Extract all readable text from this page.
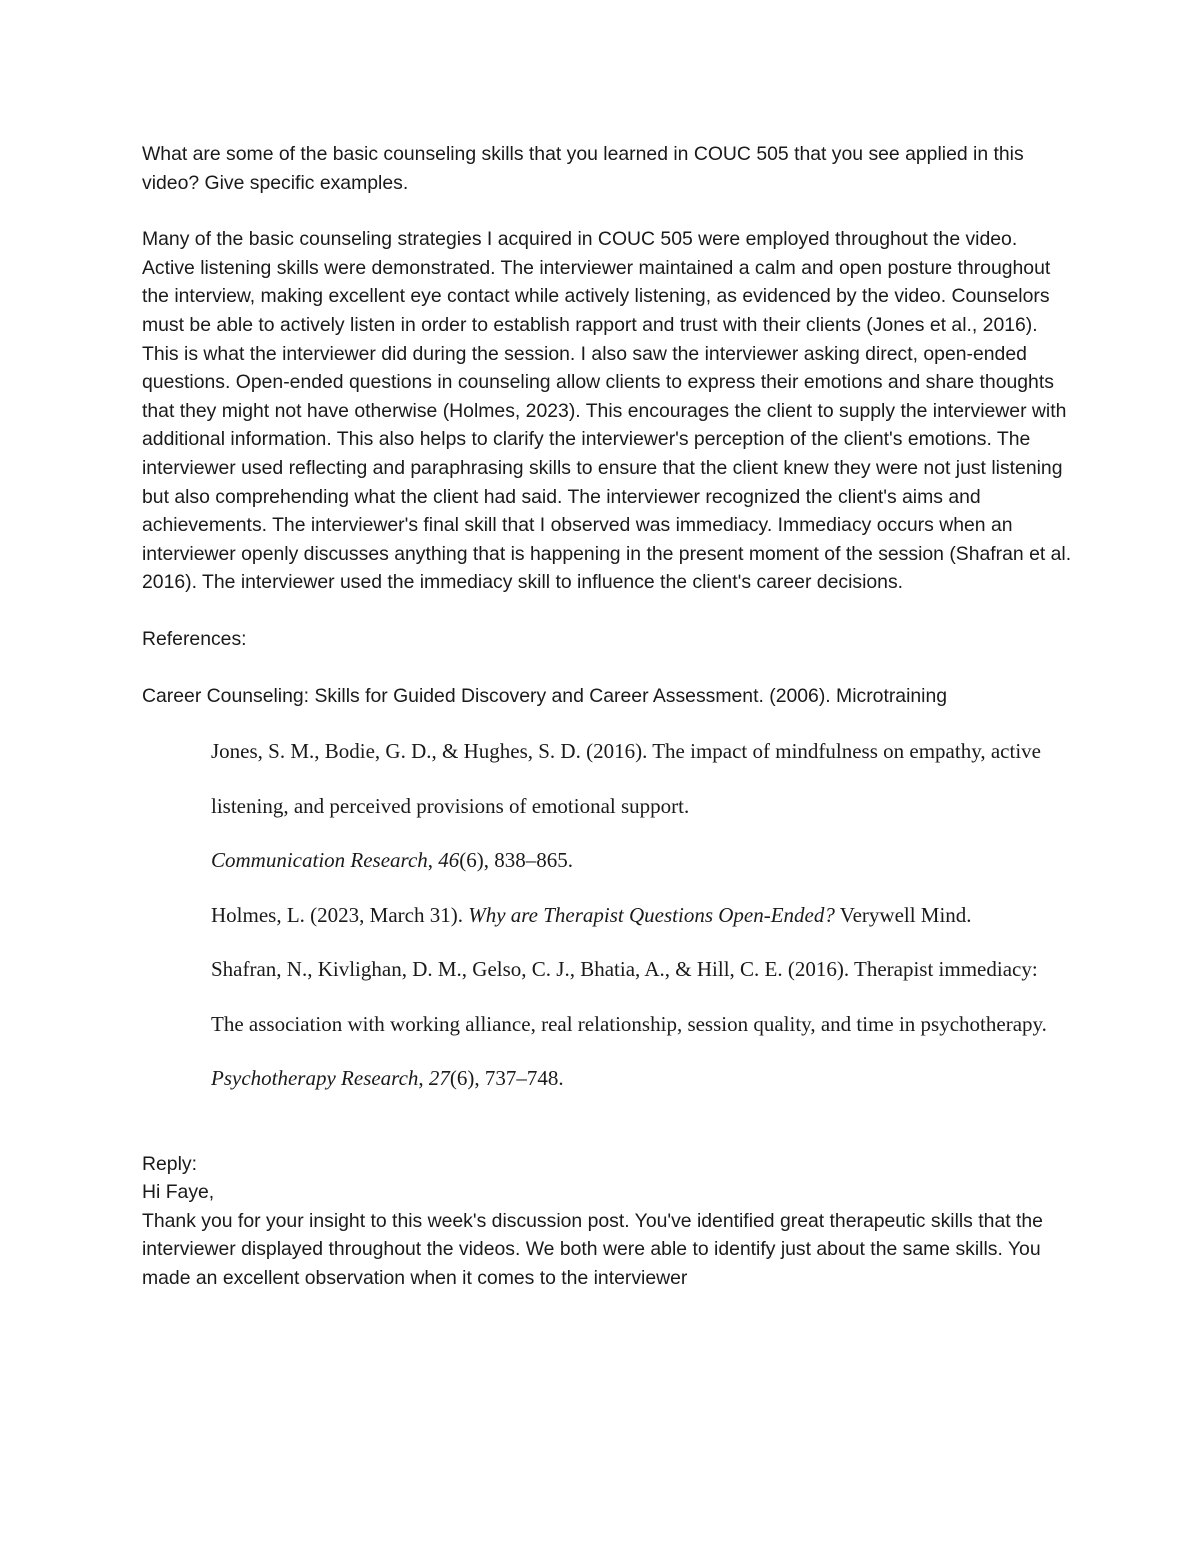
What are some of the basic counseling skills that you learned in COUC 505 that you see applied in this video? Give specific examples.

Many of the basic counseling strategies I acquired in COUC 505 were employed throughout the video. Active listening skills were demonstrated. The interviewer maintained a calm and open posture throughout the interview, making excellent eye contact while actively listening, as evidenced by the video. Counselors must be able to actively listen in order to establish rapport and trust with their clients (Jones et al., 2016). This is what the interviewer did during the session. I also saw the interviewer asking direct, open-ended questions. Open-ended questions in counseling allow clients to express their emotions and share thoughts that they might not have otherwise (Holmes, 2023). This encourages the client to supply the interviewer with additional information. This also helps to clarify the interviewer's perception of the client's emotions. The interviewer used reflecting and paraphrasing skills to ensure that the client knew they were not just listening but also comprehending what the client had said. The interviewer recognized the client's aims and achievements. The interviewer's final skill that I observed was immediacy. Immediacy occurs when an interviewer openly discusses anything that is happening in the present moment of the session (Shafran et al. 2016). The interviewer used the immediacy skill to influence the client's career decisions.

References:

Career Counseling: Skills for Guided Discovery and Career Assessment. (2006). Microtraining

Jones, S. M., Bodie, G. D., & Hughes, S. D. (2016). The impact of mindfulness on empathy, active listening, and perceived provisions of emotional support.
Communication Research, 46(6), 838–865.

Holmes, L. (2023, March 31). Why are Therapist Questions Open-Ended? Verywell Mind.

Shafran, N., Kivlighan, D. M., Gelso, C. J., Bhatia, A., & Hill, C. E. (2016). Therapist immediacy: The association with working alliance, real relationship, session quality, and time in psychotherapy. Psychotherapy Research, 27(6), 737–748.

Reply:

Hi Faye,

Thank you for your insight to this week's discussion post. You've identified great therapeutic skills that the interviewer displayed throughout the videos. We both were able to identify just about the same skills. You made an excellent observation when it comes to the interviewer
